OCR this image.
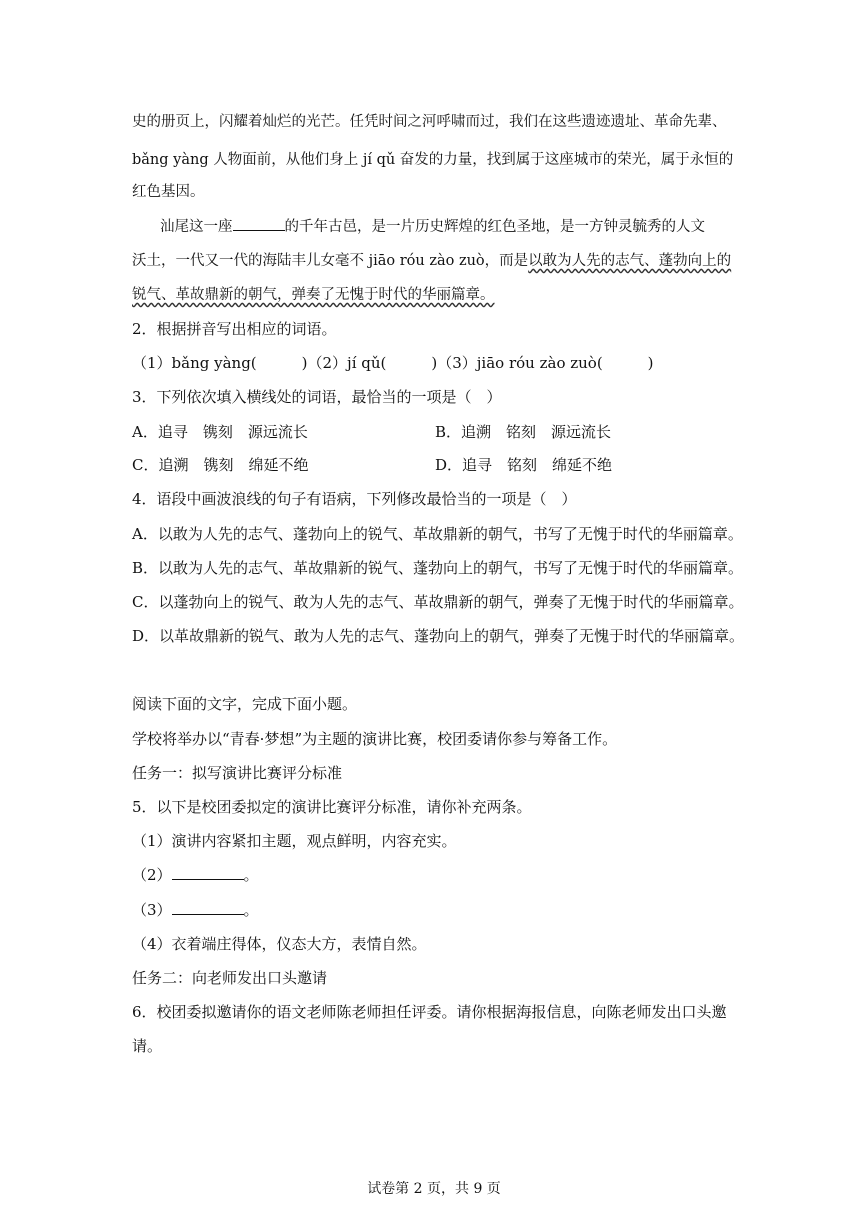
史的册页上，闪耀着灿烂的光芒。任凭时间之河呼啸而过，我们在这些遗迹遗址、革命先辈、
bǎng yàng 人物面前，从他们身上 jí qǔ 奋发的力量，找到属于这座城市的荣光，属于永恒的
红色基因。
汕尾这一座	的千年古邑，是一片历史辉煌的红色圣地，是一方钟灵毓秀的人文
沃土，一代又一代的海陆丰儿女毫不 jiāo róu zào zuò，而是以敢为人先的志气、蓬勃向上的
锐气、革故鼎新的朝气，弹奏了无愧于时代的华丽篇章。
2．根据拼音写出相应的词语。
（1）bǎng yàng(　　　)（2）jí qǔ(　　　)（3）jiāo róu zào zuò(　　　)
3．下列依次填入横线处的词语，最恰当的一项是（　）
A．追寻　镌刻　源远流长	B．追溯　铭刻　源远流长
C．追溯　镌刻　绵延不绝	D．追寻　铭刻　绵延不绝
4．语段中画波浪线的句子有语病，下列修改最恰当的一项是（　）
A．以敢为人先的志气、蓬勃向上的锐气、革故鼎新的朝气，书写了无愧于时代的华丽篇章。
B．以敢为人先的志气、革故鼎新的锐气、蓬勃向上的朝气，书写了无愧于时代的华丽篇章。
C．以蓬勃向上的锐气、敢为人先的志气、革故鼎新的朝气，弹奏了无愧于时代的华丽篇章。
D．以革故鼎新的锐气、敢为人先的志气、蓬勃向上的朝气，弹奏了无愧于时代的华丽篇章。
阅读下面的文字，完成下面小题。
学校将举办以“青春·梦想”为主题的演讲比赛，校团委请你参与筹备工作。
任务一：拟写演讲比赛评分标准
5．以下是校团委拟定的演讲比赛评分标准，请你补充两条。
（1）演讲内容紧扣主题，观点鲜明，内容充实。
（2）	。
（3）	。
（4）衣着端庄得体，仪态大方，表情自然。
任务二：向老师发出口头邀请
6．校团委拟邀请你的语文老师陈老师担任评委。请你根据海报信息，向陈老师发出口头邀
请。
试卷第 2 页，共 9 页
